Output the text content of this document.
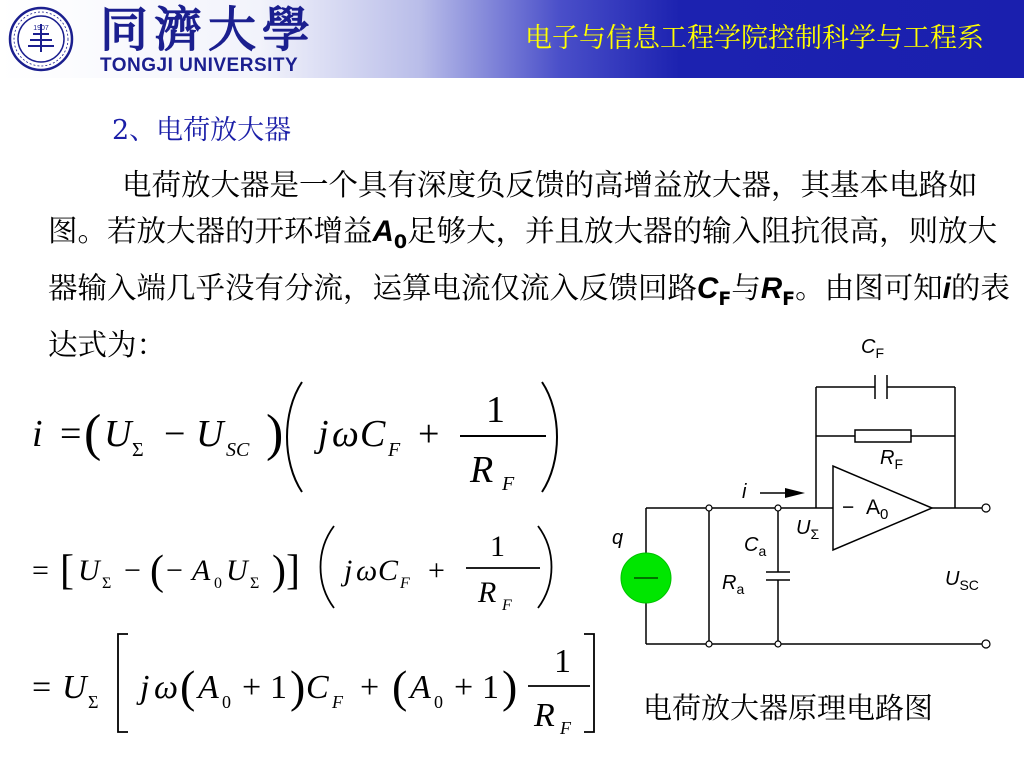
1907 同濟大學
TONGJI UNIVERSITY
电子与信息工程学院控制科学与工程系
2、电荷放大器
电荷放大器是一个具有深度负反馈的高增益放大器，其基本电路如图。若放大器的开环增益$A_0$足够大，并且放大器的输入阻抗很高，则放大器输入端几乎没有分流，运算电流仅流入反馈回路$C_F$与$R_F$。由图可知i的表达式为：
i = ( U Σ − U SC ) j ω C F +
1
R F
= [ U Σ − ( − A 0 U Σ )] j ω C F +
1
R F
= U Σ j ω ( A 0 + 1 ) C F + ( A 0 + 1 ) 1
R F
$C_F$
$R_F$
i
q	$U_\Sigma$
$C_a$
$R_a$	$U_{SC}$
− $A_0$
电荷放大器原理电路图
